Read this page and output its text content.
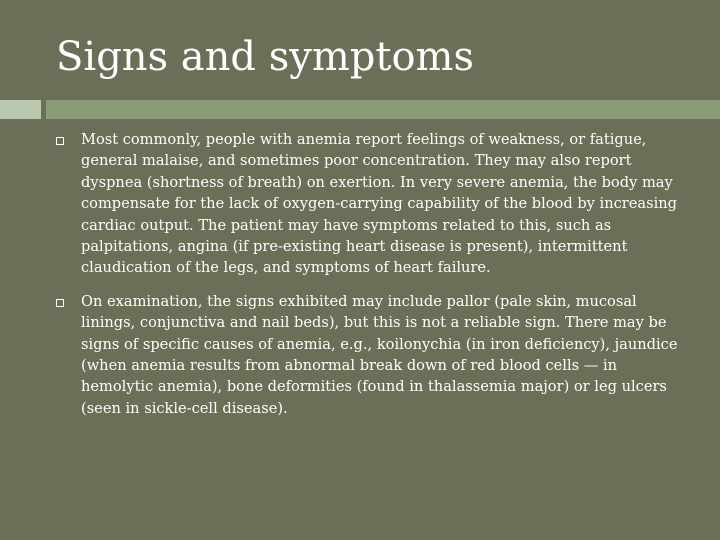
Signs and symptoms
Most commonly, people with anemia report feelings of weakness, or fatigue, general malaise, and sometimes poor concentration. They may also report dyspnea (shortness of breath) on exertion. In very severe anemia, the body may compensate for the lack of oxygen-carrying capability of the blood by increasing cardiac output. The patient may have symptoms related to this, such as palpitations, angina (if pre-existing heart disease is present), intermittent claudication of the legs, and symptoms of heart failure.
On examination, the signs exhibited may include pallor (pale skin, mucosal linings, conjunctiva and nail beds), but this is not a reliable sign. There may be signs of specific causes of anemia, e.g., koilonychia (in iron deficiency), jaundice (when anemia results from abnormal break down of red blood cells — in hemolytic anemia), bone deformities (found in thalassemia major) or leg ulcers (seen in sickle-cell disease).
